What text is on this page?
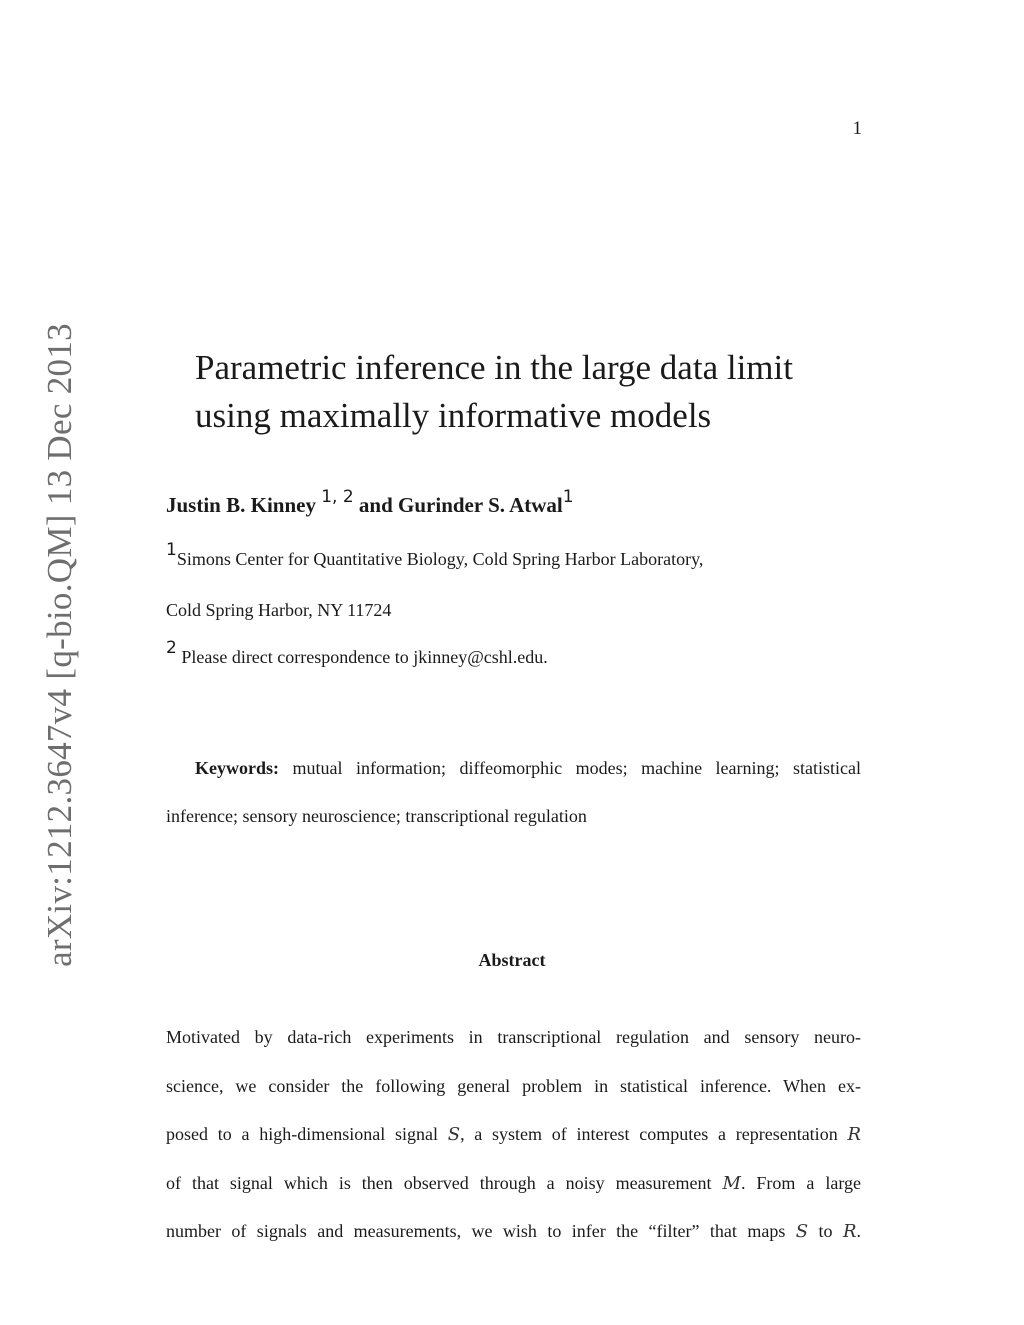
1
arXiv:1212.3647v4 [q-bio.QM] 13 Dec 2013	Parametric inference in the large data limit
using maximally informative models
Justin B. Kinney $^{1, 2}$ and Gurinder S. Atwal$^1$
$^1$Simons Center for Quantitative Biology, Cold Spring Harbor Laboratory,
Cold Spring Harbor, NY 11724
$^2$ Please direct correspondence to jkinney@cshl.edu.

Keywords: mutual information; diffeomorphic modes; machine learning; statistical inference; sensory neuroscience; transcriptional regulation

Abstract

Motivated by data-rich experiments in transcriptional regulation and sensory neuro-
science, we consider the following general problem in statistical inference. When ex-
posed to a high-dimensional signal S, a system of interest computes a representation R
of that signal which is then observed through a noisy measurement M. From a large
number of signals and measurements, we wish to infer the “filter” that maps S to R.
